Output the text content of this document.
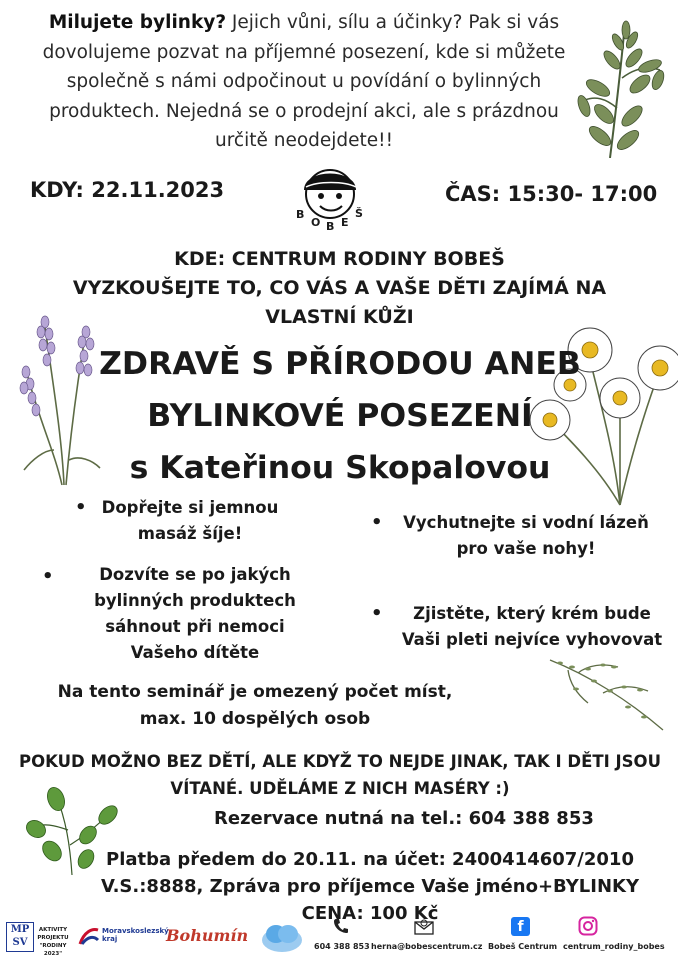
Milujete bylinky? Jejich vůni, sílu a účinky? Pak si vás
dovolujeme pozvat na příjemné posezení, kde si můžete
společně s námi odpočinout u povídání o bylinných
produktech. Nejedná se o prodejní akci, ale s prázdnou
určitě neodejdete!!
KDY: 22.11.2023	ČAS: 15:30- 17:00
B
O B E
Š
KDE: CENTRUM RODINY BOBEŠ
VYZKOUŠEJTE TO, CO VÁS A VAŠE DĚTI ZAJÍMÁ NA
VLASTNÍ KŮŽI
ZDRAVĚ S PŘÍRODOU ANEB
BYLINKOVÉ POSEZENÍ
s Kateřinou Skopalovou
• Dopřejte si jemnou
masáž šíje!
•	Vychutnejte si vodní lázeň
pro vaše nohy!
•	Dozvíte se po jakých
bylinných produktech
sáhnout při nemoci
Vašeho dítěte
•	Zjistěte, který krém bude
Vaši pleti nejvíce vyhovovat
Na tento seminář je omezený počet míst,
max. 10 dospělých osob
POKUD MOŽNO BEZ DĚTÍ, ALE KDYŽ TO NEJDE JINAK, TAK I DĚTI JSOU
VÍTANÉ. UDĚLÁME Z NICH MASÉRY :)
Rezervace nutná na tel.: 604 388 853
Platba předem do 20.11. na účet: 2400414607/2010
V.S.:8888, Zpráva pro příjemce Vaše jméno+BYLINKY
CENA: 100 Kč
MP SV
AKTIVITY PROJEKTU "RODINY 2023"
Moravskoslezský kraj	Bohumín
604 388 853 herna@bobescentrum.cz
f
Bobeš Centrum centrum_rodiny_bobes
